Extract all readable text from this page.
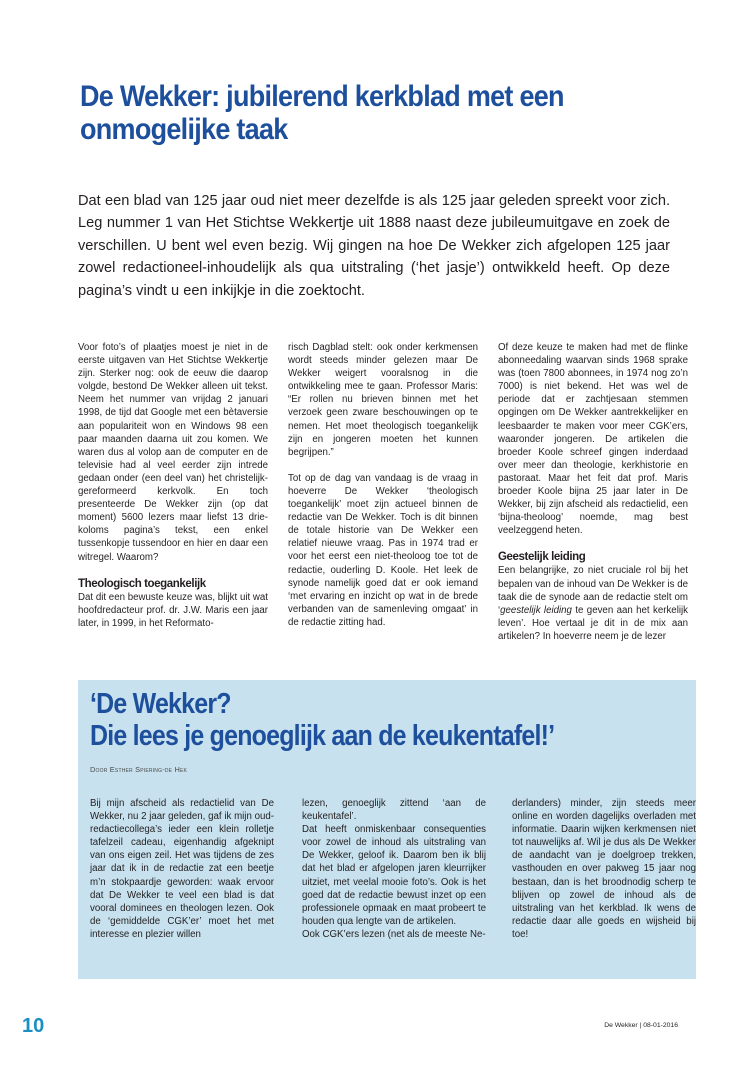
De Wekker: jubilerend kerkblad met een
onmogelijke taak

Dat een blad van 125 jaar oud niet meer dezelfde is als 125 jaar geleden spreekt voor zich. Leg nummer 1 van Het Stichtse Wekkertje uit 1888 naast deze jubileumuitgave en zoek de verschillen. U bent wel even bezig. Wij gingen na hoe De Wekker zich afgelopen 125 jaar zowel redactioneel-inhoudelijk als qua uitstraling (‘het jasje’) ontwikkeld heeft. Op deze pagina’s vindt u een inkijkje in die zoektocht.

Voor foto’s of plaatjes moest je niet in de eerste uitgaven van Het Stichtse Wekkertje zijn. Sterker nog: ook de eeuw die daarop volgde, bestond De Wekker alleen uit tekst. Neem het nummer van vrijdag 2 januari 1998, de tijd dat Google met een bètaversie aan populariteit won en Windows 98 een paar maanden daarna uit zou komen. We waren dus al volop aan de computer en de televisie had al veel eerder zijn intrede gedaan onder (een deel van) het christelijk-gereformeerd kerkvolk. En toch presenteerde De Wekker zijn (op dat moment) 5600 lezers maar liefst 13 drie-koloms pagina’s tekst, een enkel tussenkopje tussendoor en hier en daar een witregel. Waarom?

Theologisch toegankelijk

Dat dit een bewuste keuze was, blijkt uit wat hoofdredacteur prof. dr. J.W. Maris een jaar later, in 1999, in het Reformato-

risch Dagblad stelt: ook onder kerkmensen wordt steeds minder gelezen maar De Wekker weigert vooralsnog in die ontwikkeling mee te gaan. Professor Maris: “Er rollen nu brieven binnen met het verzoek geen zware beschouwingen op te nemen. Het moet theologisch toegankelijk zijn en jongeren moeten het kunnen begrijpen.”

Tot op de dag van vandaag is de vraag in hoeverre De Wekker ‘theologisch toegankelijk’ moet zijn actueel binnen de redactie van De Wekker. Toch is dit binnen de totale historie van De Wekker een relatief nieuwe vraag. Pas in 1974 trad er voor het eerst een niet-theoloog toe tot de redactie, ouderling D. Koole. Het leek de synode namelijk goed dat er ook iemand ‘met ervaring en inzicht op wat in de brede verbanden van de samenleving omgaat’ in de redactie zitting had.

Of deze keuze te maken had met de flinke abonneedaling waarvan sinds 1968 sprake was (toen 7800 abonnees, in 1974 nog zo’n 7000) is niet bekend. Het was wel de periode dat er zachtjesaan stemmen opgingen om De Wekker aantrekkelijker en leesbaarder te maken voor meer CGK’ers, waaronder jongeren. De artikelen die broeder Koole schreef gingen inderdaad over meer dan theologie, kerkhistorie en pastoraat. Maar het feit dat prof. Maris broeder Koole bijna 25 jaar later in De Wekker, bij zijn afscheid als redactielid, een ‘bijna-theoloog’ noemde, mag best veelzeggend heten.

Geestelijk leiding

Een belangrijke, zo niet cruciale rol bij het bepalen van de inhoud van De Wekker is de taak die de synode aan de redactie stelt om ‘geestelijk leiding te geven aan het kerkelijk leven’. Hoe vertaal je dit in de mix aan artikelen? In hoeverre neem je de lezer

‘De Wekker?
Die lees je genoeglijk aan de keukentafel!’

Door Esther Spiering-de Hek

Bij mijn afscheid als redactielid van De Wekker, nu 2 jaar geleden, gaf ik mijn oud-redactiecollega’s ieder een klein rolletje tafelzeil cadeau, eigenhandig afgeknipt van ons eigen zeil. Het was tijdens de zes jaar dat ik in de redactie zat een beetje m’n stokpaardje geworden: waak ervoor dat De Wekker te veel een blad is dat vooral dominees en theologen lezen. Ook de ‘gemiddelde CGK’er’ moet het met interesse en plezier willen

lezen, genoeglijk zittend ‘aan de keukentafel’.

Dat heeft onmiskenbaar consequenties voor zowel de inhoud als uitstraling van De Wekker, geloof ik. Daarom ben ik blij dat het blad er afgelopen jaren kleurrijker uitziet, met veelal mooie foto’s. Ook is het goed dat de redactie bewust inzet op een professionele opmaak en maat probeert te houden qua lengte van de artikelen.

Ook CGK’ers lezen (net als de meeste Ne-

derlanders) minder, zijn steeds meer online en worden dagelijks overladen met informatie. Daarin wijken kerkmensen niet tot nauwelijks af. Wil je dus als De Wekker de aandacht van je doelgroep trekken, vasthouden en over pakweg 15 jaar nog bestaan, dan is het broodnodig scherp te blijven op zowel de inhoud als de uitstraling van het kerkblad. Ik wens de redactie daar alle goeds en wijsheid bij toe!

10	De Wekker | 08-01-2016
